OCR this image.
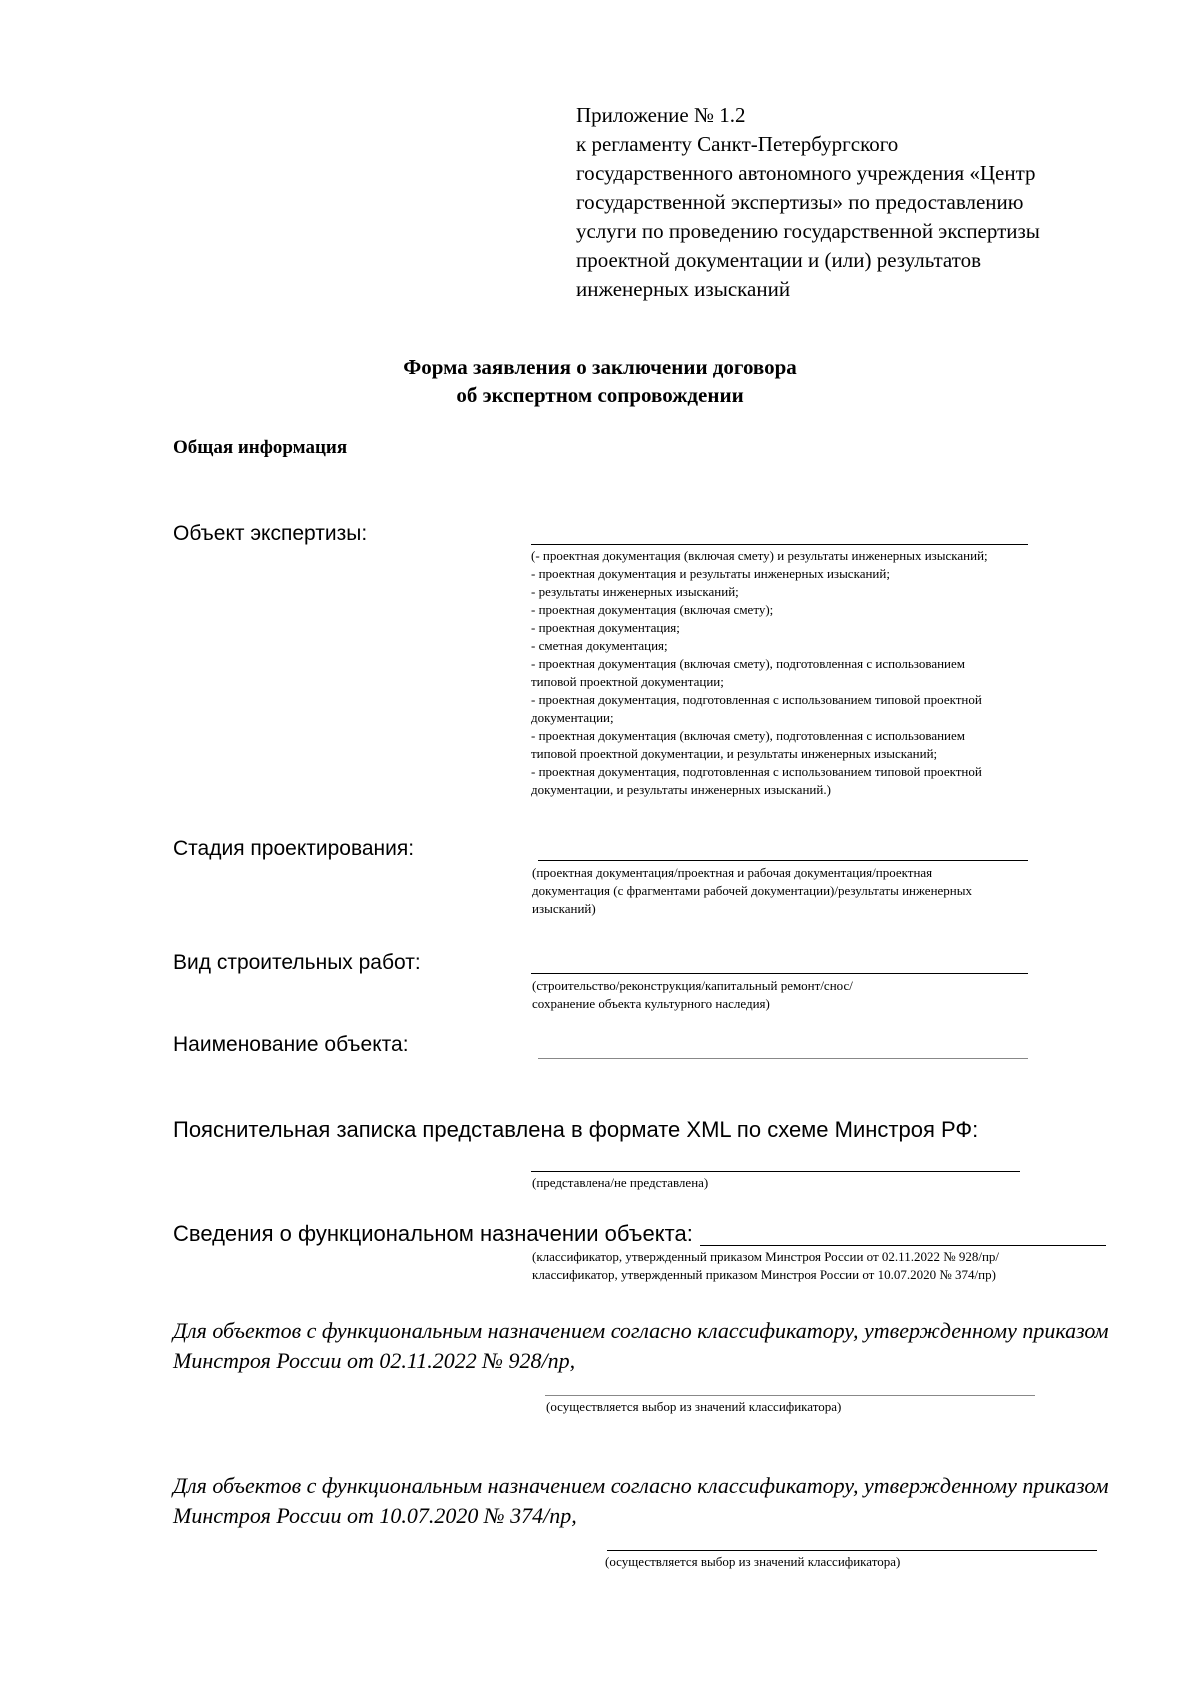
Приложение № 1.2
к регламенту Санкт-Петербургского
государственного автономного учреждения «Центр
государственной экспертизы» по предоставлению
услуги по проведению государственной экспертизы
проектной документации и (или) результатов
инженерных изысканий
Форма заявления о заключении договора
об экспертном сопровождении
Общая информация
Объект экспертизы:
(- проектная документация (включая смету) и результаты инженерных изысканий;
- проектная документация и результаты инженерных изысканий;
- результаты инженерных изысканий;
- проектная документация (включая смету);
- проектная документация;
- сметная документация;
- проектная документация (включая смету), подготовленная с использованием
типовой проектной документации;
- проектная документация, подготовленная с использованием типовой проектной
документации;
- проектная документация (включая смету), подготовленная с использованием
типовой проектной документации, и результаты инженерных изысканий;
- проектная документация, подготовленная с использованием типовой проектной
документации, и результаты инженерных изысканий.)
Стадия проектирования:
(проектная документация/проектная и рабочая документация/проектная
документация (с фрагментами рабочей документации)/результаты инженерных
изысканий)
Вид строительных работ:
(строительство/реконструкция/капитальный ремонт/снос/
сохранение объекта культурного наследия)
Наименование объекта:
Пояснительная записка представлена в формате XML по схеме Минстроя РФ:
(представлена/не представлена)
Сведения о функциональном назначении объекта:
(классификатор, утвержденный приказом Минстроя России от 02.11.2022 № 928/пр/
классификатор, утвержденный приказом Минстроя России от 10.07.2020 № 374/пр)
Для объектов с функциональным назначением согласно классификатору, утвержденному приказом Минстроя России от 02.11.2022 № 928/пр,
(осуществляется выбор из значений классификатора)
Для объектов с функциональным назначением согласно классификатору, утвержденному приказом Минстроя России от 10.07.2020 № 374/пр,
(осуществляется выбор из значений классификатора)
